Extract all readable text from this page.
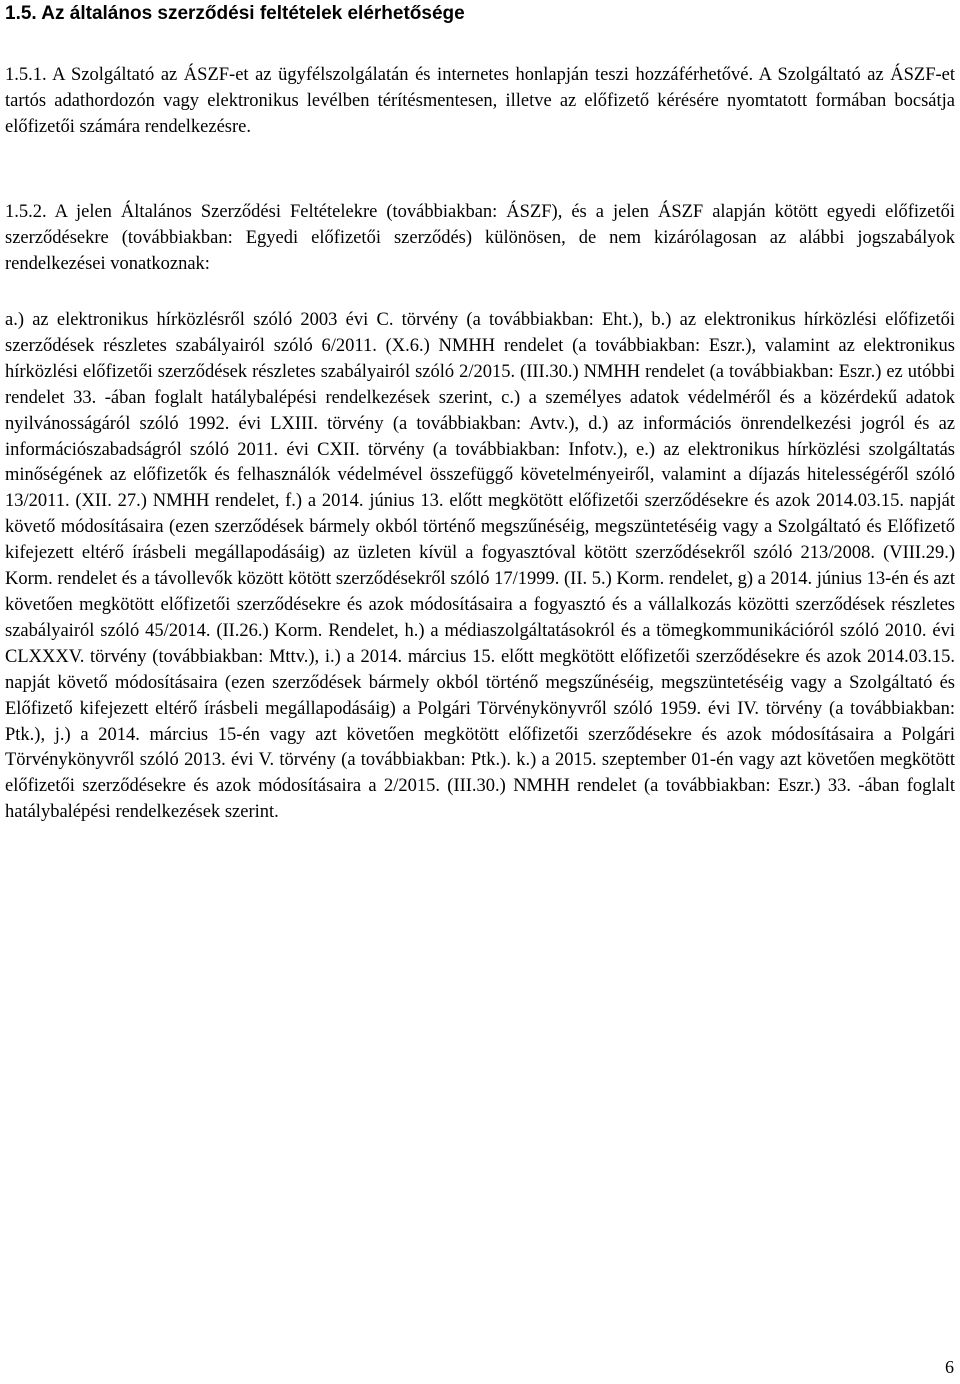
1.5. Az általános szerződési feltételek elérhetősége
1.5.1. A Szolgáltató az ÁSZF-et az ügyfélszolgálatán és internetes honlapján teszi hozzáférhetővé. A Szolgáltató az ÁSZF-et tartós adathordozón vagy elektronikus levélben térítésmentesen, illetve az előfizető kérésére nyomtatott formában bocsátja előfizetői számára rendelkezésre.
1.5.2. A jelen Általános Szerződési Feltételekre (továbbiakban: ÁSZF), és a jelen ÁSZF alapján kötött egyedi előfizetői szerződésekre (továbbiakban: Egyedi előfizetői szerződés) különösen, de nem kizárólagosan az alábbi jogszabályok rendelkezései vonatkoznak:
a.) az elektronikus hírközlésről szóló 2003 évi C. törvény (a továbbiakban: Eht.), b.) az elektronikus hírközlési előfizetői szerződések részletes szabályairól szóló 6/2011. (X.6.) NMHH rendelet (a továbbiakban: Eszr.), valamint az elektronikus hírközlési előfizetői szerződések részletes szabályairól szóló 2/2015. (III.30.) NMHH rendelet (a továbbiakban: Eszr.) ez utóbbi rendelet 33. -ában foglalt hatálybalépési rendelkezések szerint, c.) a személyes adatok védelméről és a közérdekű adatok nyilvánosságáról szóló 1992. évi LXIII. törvény (a továbbiakban: Avtv.), d.) az információs önrendelkezési jogról és az információszabadságról szóló 2011. évi CXII. törvény (a továbbiakban: Infotv.), e.) az elektronikus hírközlési szolgáltatás minőségének az előfizetők és felhasználók védelmével összefüggő követelményeiről, valamint a díjazás hitelességéről szóló 13/2011. (XII. 27.) NMHH rendelet, f.) a 2014. június 13. előtt megkötött előfizetői szerződésekre és azok 2014.03.15. napját követő módosításaira (ezen szerződések bármely okból történő megszűnéséig, megszüntetéséig vagy a Szolgáltató és Előfizető kifejezett eltérő írásbeli megállapodásáig) az üzleten kívül a fogyasztóval kötött szerződésekről szóló 213/2008. (VIII.29.) Korm. rendelet és a távollevők között kötött szerződésekről szóló 17/1999. (II. 5.) Korm. rendelet, g) a 2014. június 13-én és azt követően megkötött előfizetői szerződésekre és azok módosításaira a fogyasztó és a vállalkozás közötti szerződések részletes szabályairól szóló 45/2014. (II.26.) Korm. Rendelet, h.) a médiaszolgáltatásokról és a tömegkommunikációról szóló 2010. évi CLXXXV. törvény (továbbiakban: Mttv.), i.) a 2014. március 15. előtt megkötött előfizetői szerződésekre és azok 2014.03.15. napját követő módosításaira (ezen szerződések bármely okból történő megszűnéséig, megszüntetéséig vagy a Szolgáltató és Előfizető kifejezett eltérő írásbeli megállapodásáig) a Polgári Törvénykönyvről szóló 1959. évi IV. törvény (a továbbiakban: Ptk.), j.) a 2014. március 15-én vagy azt követően megkötött előfizetői szerződésekre és azok módosításaira a Polgári Törvénykönyvről szóló 2013. évi V. törvény (a továbbiakban: Ptk.). k.) a 2015. szeptember 01-én vagy azt követően megkötött előfizetői szerződésekre és azok módosításaira a 2/2015. (III.30.) NMHH rendelet (a továbbiakban: Eszr.) 33. -ában foglalt hatálybalépési rendelkezések szerint.
6
